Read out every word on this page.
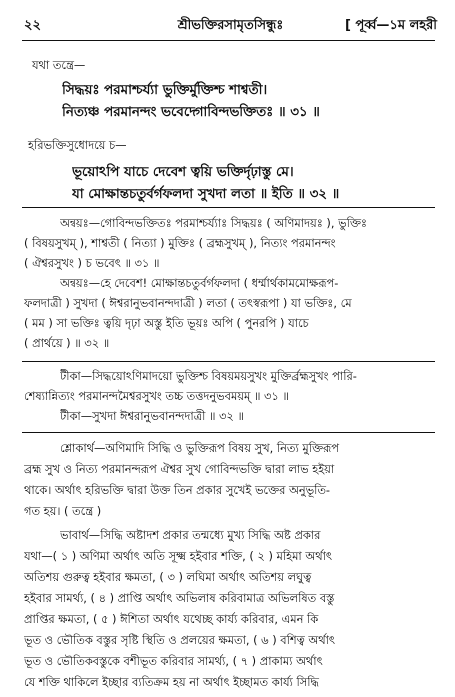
২২	শ্রীভক্তিরসামৃতসিন্ধুঃ	[ পূৰ্ব্ব—১ম লহরী
যথা তন্ত্রে—
সিদ্ধয়ঃ পরমাশ্চর্য্যা ভুক্তির্মুক্তিশ্চ শাশ্বতী।
নিত্যঞ্চ পরমানন্দং ভবেদ্গোবিন্দভক্তিতঃ ॥ ৩১ ॥
হরিভক্তিসুধোদয়ে চ—
ভূয়োঽপি যাচে দেবেশ ত্বয়ি ভক্তির্দৃঢ়াস্তু মে।
যা মোক্ষান্তচতুর্বর্গফলদা সুখদা লতা ॥ ইতি ॥ ৩২ ॥
অন্বয়ঃ—গোবিন্দভক্তিতঃ পরমাশ্চর্য্যাঃ সিদ্ধয়ঃ ( অণিমাদয়ঃ ), ভুক্তিঃ
( বিষয়সুখম্ ), শাশ্বতী ( নিত্যা ) মুক্তিঃ ( ব্রহ্মসুখম্ ), নিত্যং পরমানন্দং
( ঐশ্বরসুখং ) চ ভবেৎ ॥ ৩১ ॥
অন্বয়ঃ—হে দেবেশ! মোক্ষান্তচতুর্বর্গফলদা ( ধর্ম্মার্থকামমোক্ষরূপ-
ফলদাত্রী ) সুখদা ( ঈশ্বরানুভবানন্দদাত্রী ) লতা ( তৎস্বরূপা ) যা ভক্তিঃ, মে
( মম ) সা ভক্তিঃ ত্বয়ি দৃঢ়া অস্তু ইতি ভূয়ঃ অপি ( পুনরপি ) যাচে
( প্রার্থয়ে ) ॥ ৩২ ॥
টীকা—সিদ্ধয়োঽণিমাদয়ো ভুক্তিশ্চ বিষয়ময়সুখং মুক্তির্ব্রহ্মসুখং পারি-
শেষ্যান্নিত্যং পরমানন্দমৈশ্বরসুখং তচ্চ তত্তদনুভবময়ম্ ॥ ৩১ ॥
টীকা—সুখদা ঈশ্বরানুভবানন্দদাত্রী ॥ ৩২ ॥
শ্লোকার্থ—অণিমাদি সিদ্ধি ও ভুক্তিরূপ বিষয় সুখ, নিত্য মুক্তিরূপ
ব্রহ্ম সুখ ও নিত্য পরমানন্দরূপ ঐশ্বর সুখ গোবিন্দভক্তি দ্বারা লাভ হইয়া
থাকে। অর্থাৎ হরিভক্তি দ্বারা উক্ত তিন প্রকার সুখেই ভক্তের অনুভূতি-
গত হয়। ( তন্ত্রে )
ভাবার্থ—সিদ্ধি অষ্টাদশ প্রকার তন্মধ্যে মুখ্য সিদ্ধি অষ্ট প্রকার
যথা—( ১ ) অণিমা অর্থাৎ অতি সূক্ষ্ম হইবার শক্তি, ( ২ ) মহিমা অর্থাৎ
অতিশয় গুরুত্ব হইবার ক্ষমতা, ( ৩ ) লঘিমা অর্থাৎ অতিশয় লঘুত্ব
হইবার সামর্থ্য, ( ৪ ) প্রাপ্তি অর্থাৎ অভিলাষ করিবামাত্র অভিলষিত বস্তু
প্রাপ্তির ক্ষমতা, ( ৫ ) ঈশিতা অর্থাৎ যথেচ্ছ কার্য্য করিবার, এমন কি
ভূত ও ভৌতিক বস্তুর সৃষ্টি স্থিতি ও প্রলয়ের ক্ষমতা, ( ৬ ) বশিত্ব অর্থাৎ
ভূত ও ভৌতিকবস্তুকে বশীভূত করিবার সামর্থ্য, ( ৭ ) প্রাকাম্য অর্থাৎ
যে শক্তি থাকিলে ইচ্ছার ব্যতিক্রম হয় না অর্থাৎ ইচ্ছামত কার্য্য সিদ্ধি
